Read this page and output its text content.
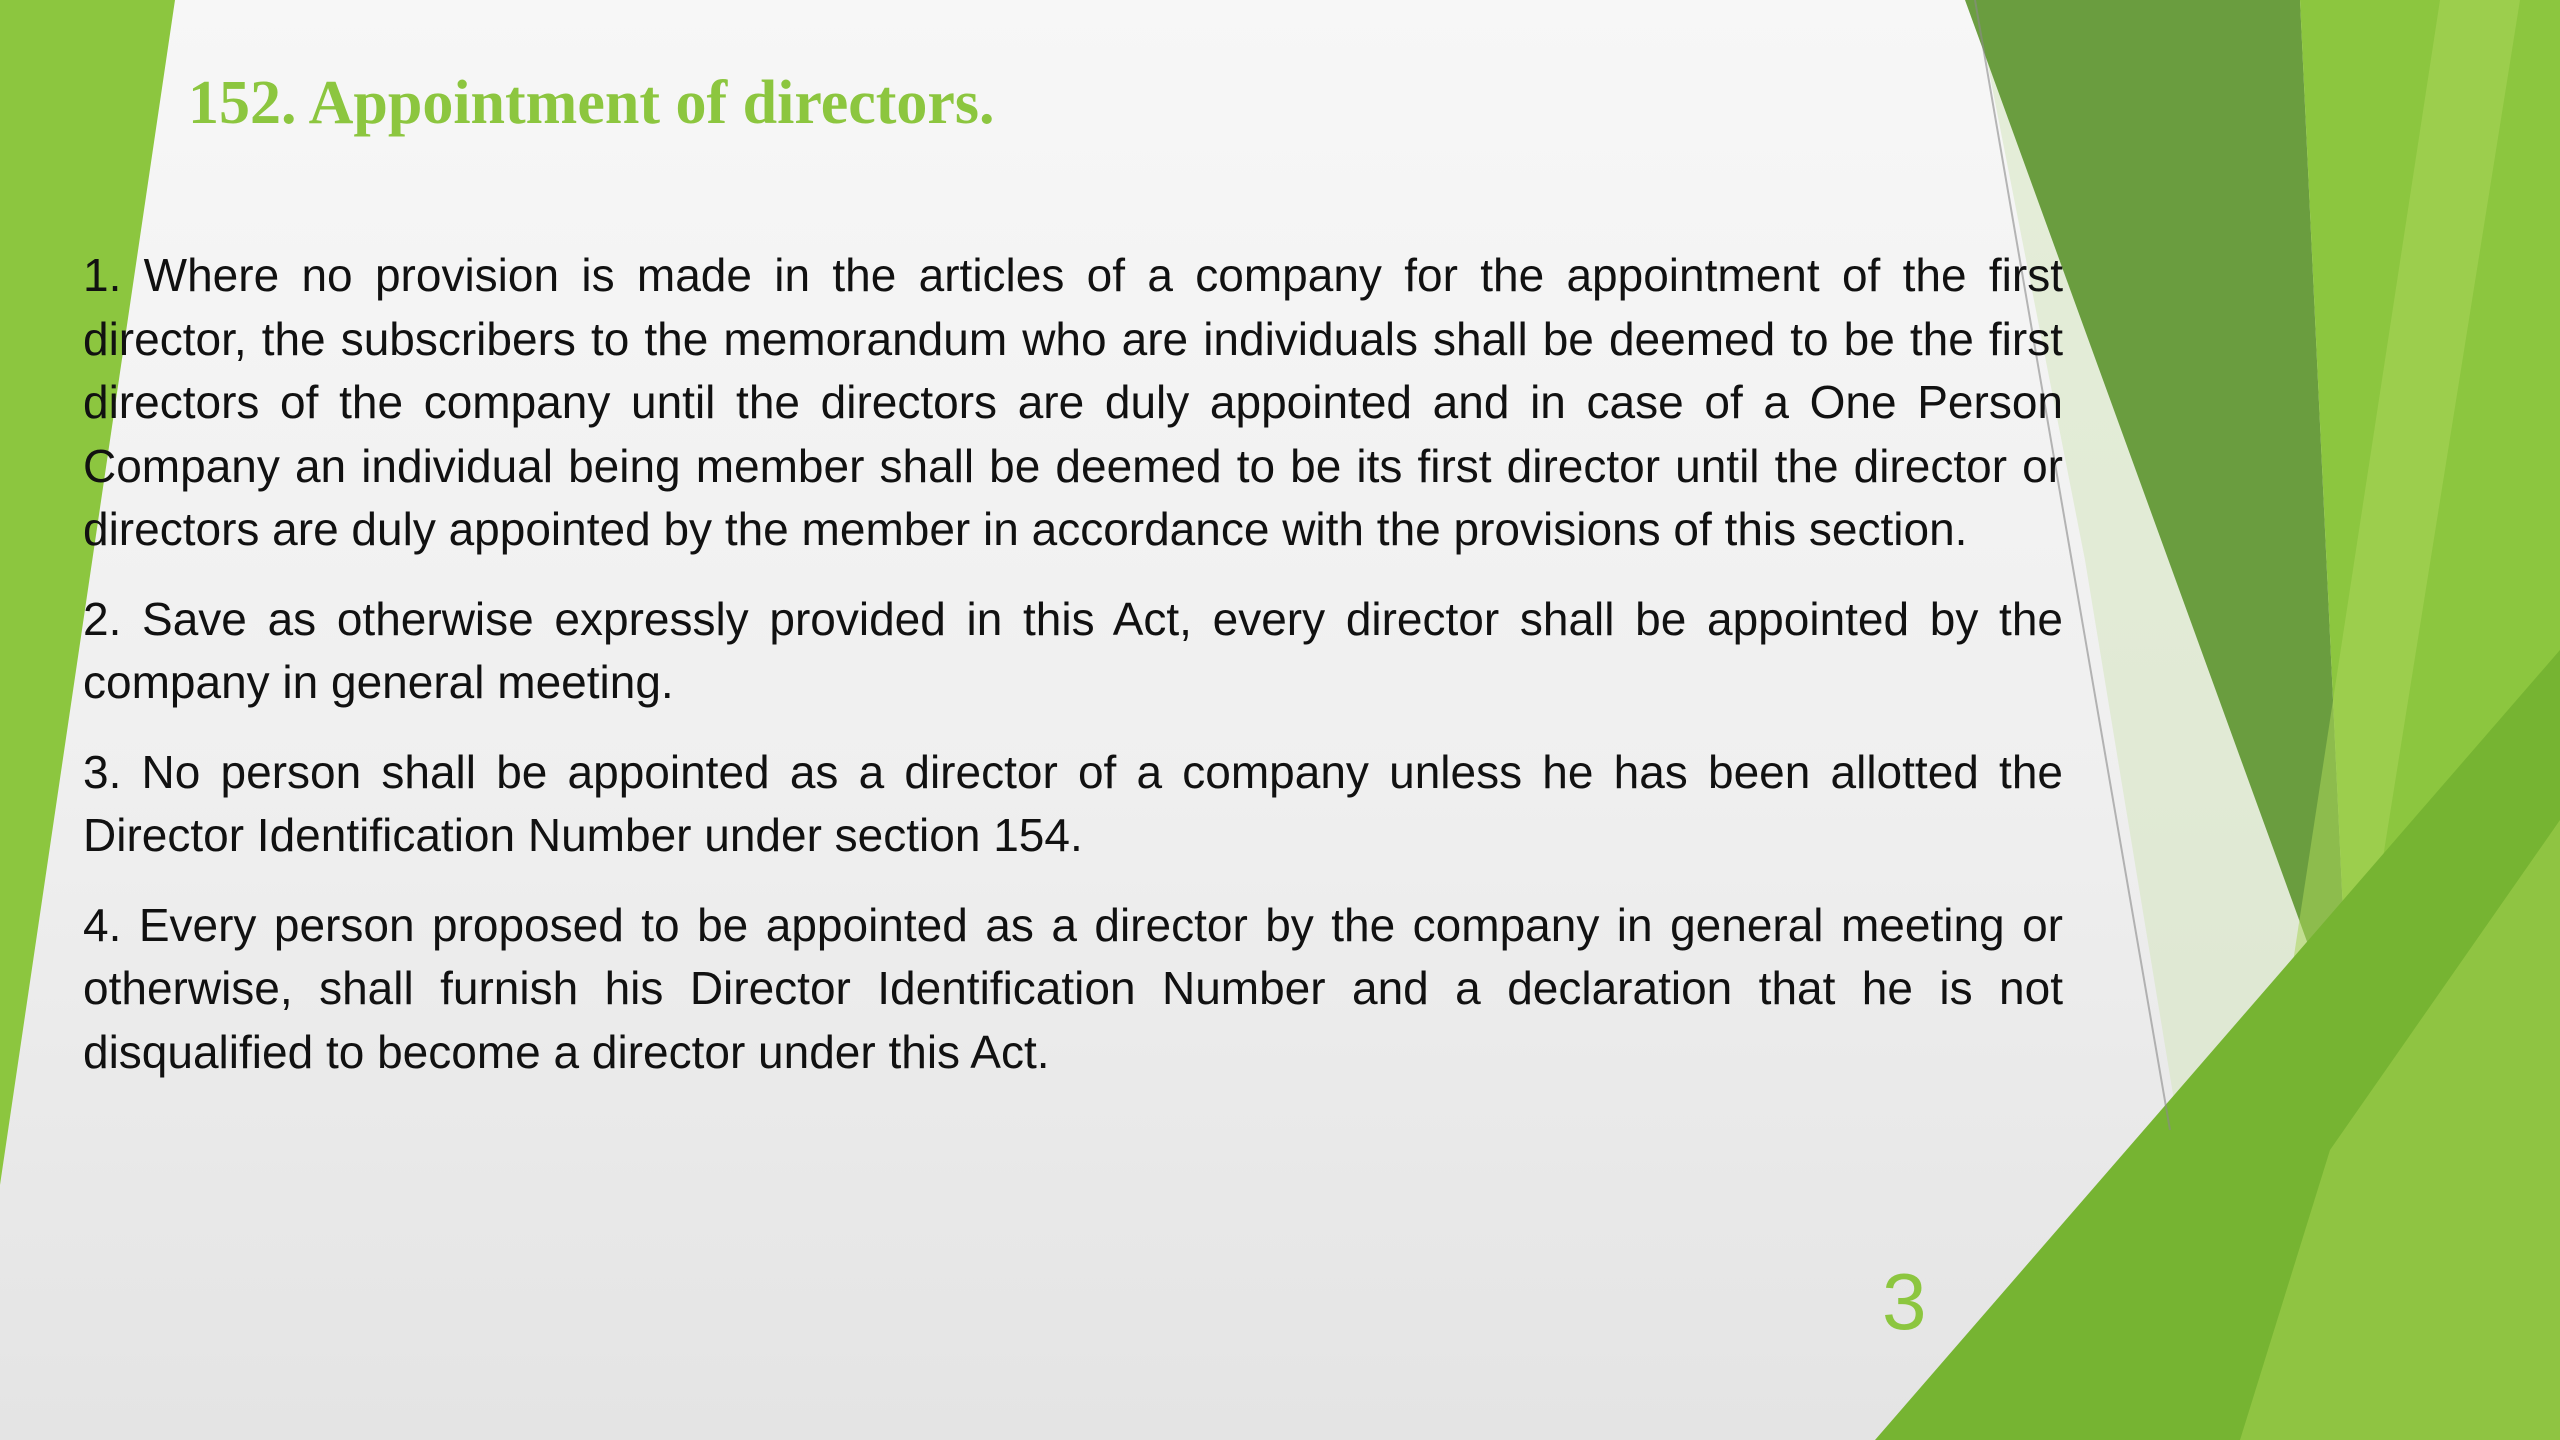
152. Appointment of directors.

1. Where no provision is made in the articles of a company for the appointment of the first director, the subscribers to the memorandum who are individuals shall be deemed to be the first directors of the company until the directors are duly appointed and in case of a One Person Company an individual being member shall be deemed to be its first director until the director or directors are duly appointed by the member in accordance with the provisions of this section.

2. Save as otherwise expressly provided in this Act, every director shall be appointed by the company in general meeting.

3. No person shall be appointed as a director of a company unless he has been allotted the Director Identification Number under section 154.

4. Every person proposed to be appointed as a director by the company in general meeting or otherwise, shall furnish his Director Identification Number and a declaration that he is not disqualified to become a director under this Act.

3
